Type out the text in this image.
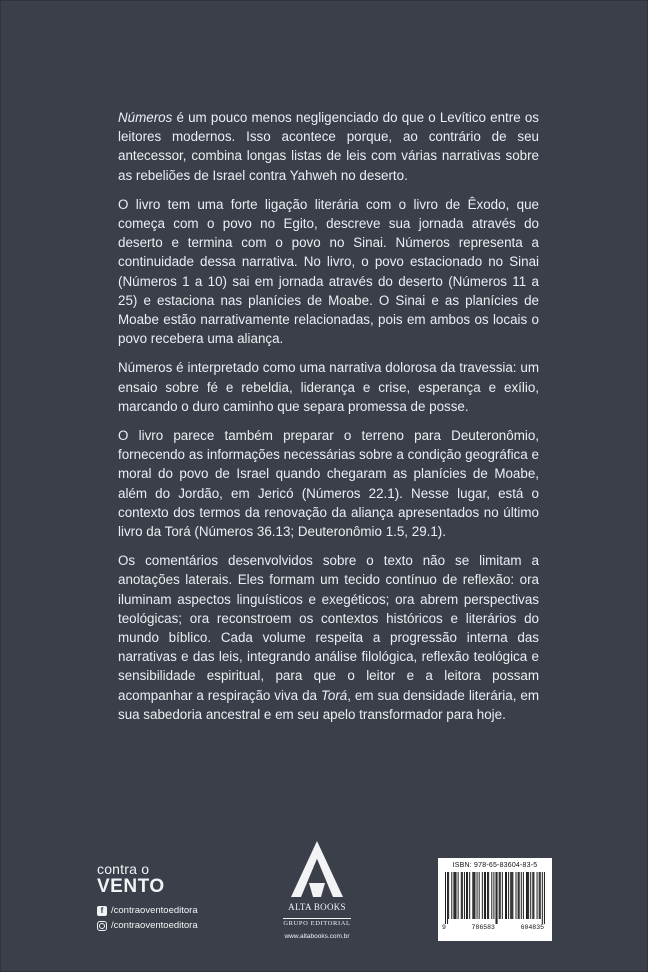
Números é um pouco menos negligenciado do que o Levítico entre os leitores modernos. Isso acontece porque, ao contrário de seu antecessor, combina longas listas de leis com várias narrativas sobre as rebeliões de Israel contra Yahweh no deserto.

O livro tem uma forte ligação literária com o livro de Êxodo, que começa com o povo no Egito, descreve sua jornada através do deserto e termina com o povo no Sinai. Números representa a continuidade dessa narrativa. No livro, o povo estacionado no Sinai (Números 1 a 10) sai em jornada através do deserto (Números 11 a 25) e estaciona nas planícies de Moabe. O Sinai e as planícies de Moabe estão narrativamente relacionadas, pois em ambos os locais o povo recebera uma aliança.

Números é interpretado como uma narrativa dolorosa da travessia: um ensaio sobre fé e rebeldia, liderança e crise, esperança e exílio, marcando o duro caminho que separa promessa de posse.

O livro parece também preparar o terreno para Deuteronômio, fornecendo as informações necessárias sobre a condição geográfica e moral do povo de Israel quando chegaram as planícies de Moabe, além do Jordão, em Jericó (Números 22.1). Nesse lugar, está o contexto dos termos da renovação da aliança apresentados no último livro da Torá (Números 36.13; Deuteronômio 1.5, 29.1).

Os comentários desenvolvidos sobre o texto não se limitam a anotações laterais. Eles formam um tecido contínuo de reflexão: ora iluminam aspectos linguísticos e exegéticos; ora abrem perspectivas teológicas; ora reconstroem os contextos históricos e literários do mundo bíblico. Cada volume respeita a progressão interna das narrativas e das leis, integrando análise filológica, reflexão teológica e sensibilidade espiritual, para que o leitor e a leitora possam acompanhar a respiração viva da Torá, em sua densidade literária, em sua sabedoria ancestral e em seu apelo transformador para hoje.

contra o
VENTO
f /contraoventoeditora
/contraoventoeditora
ALTA BOOKS
GRUPO EDITORIAL
www.altabooks.com.br
ISBN: 978-65-83604-83-5
9	786583	604835
